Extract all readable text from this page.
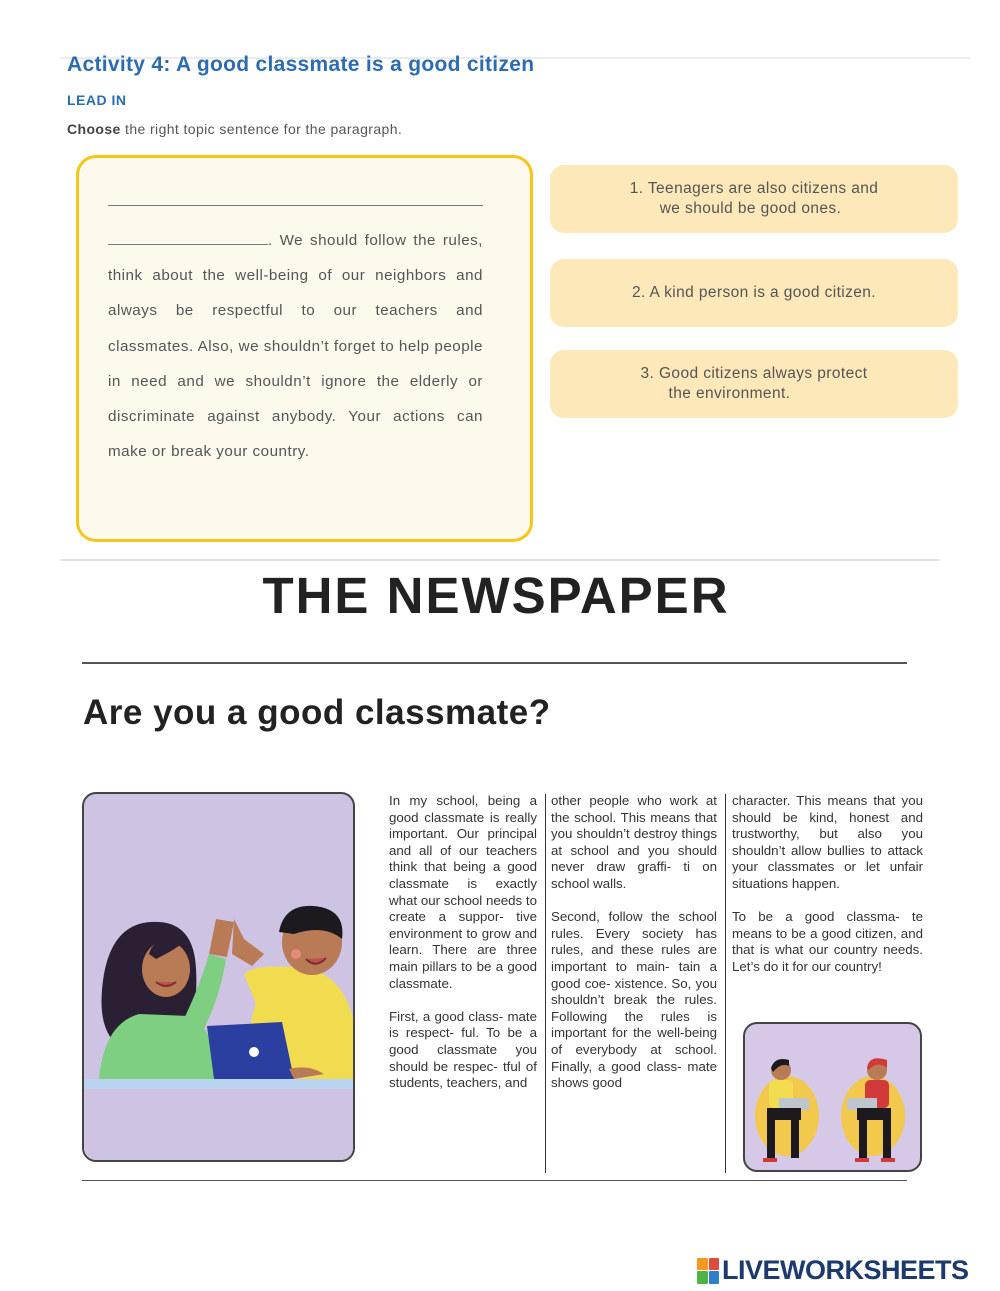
Activity 4: A good classmate is a good citizen
LEAD IN
Choose the right topic sentence for the paragraph.
. We should follow the rules, think about the well-being of our neighbors and always be respectful to our teachers and classmates. Also, we shouldn’t forget to help people in need and we shouldn’t ignore the elderly or discriminate against anybody. Your actions can make or break your country.
1. Teenagers are also citizens and
we should be good ones.
2. A kind person is a good citizen.
3. Good citizens always protect
the environment.
THE NEWSPAPER
Are you a good classmate?

In my school, being a good classmate is really important. Our principal and all of our teachers think that being a good classmate is exactly what our school needs to create a suppor- tive environment to grow and learn. There are three main pillars to be a good classmate.

First, a good class- mate is respect- ful. To be a good classmate you should be respec- tful of students, teachers, and

other people who work at the school. This means that you shouldn’t destroy things at school and you should never draw graffi- ti on school walls.

Second, follow the school rules. Every society has rules, and these rules are important to main- tain a good coe- xistence. So, you shouldn’t break the rules. Following the rules is important for the well-being of everybody at school. Finally, a good class- mate shows good

character. This means that you should be kind, honest and trustworthy, but also you shouldn’t allow bullies to attack your classmates or let unfair situations happen.

To be a good classma- te means to be a good citizen, and that is what our country needs. Let’s do it for our country!

LIVEWORKSHEETS
